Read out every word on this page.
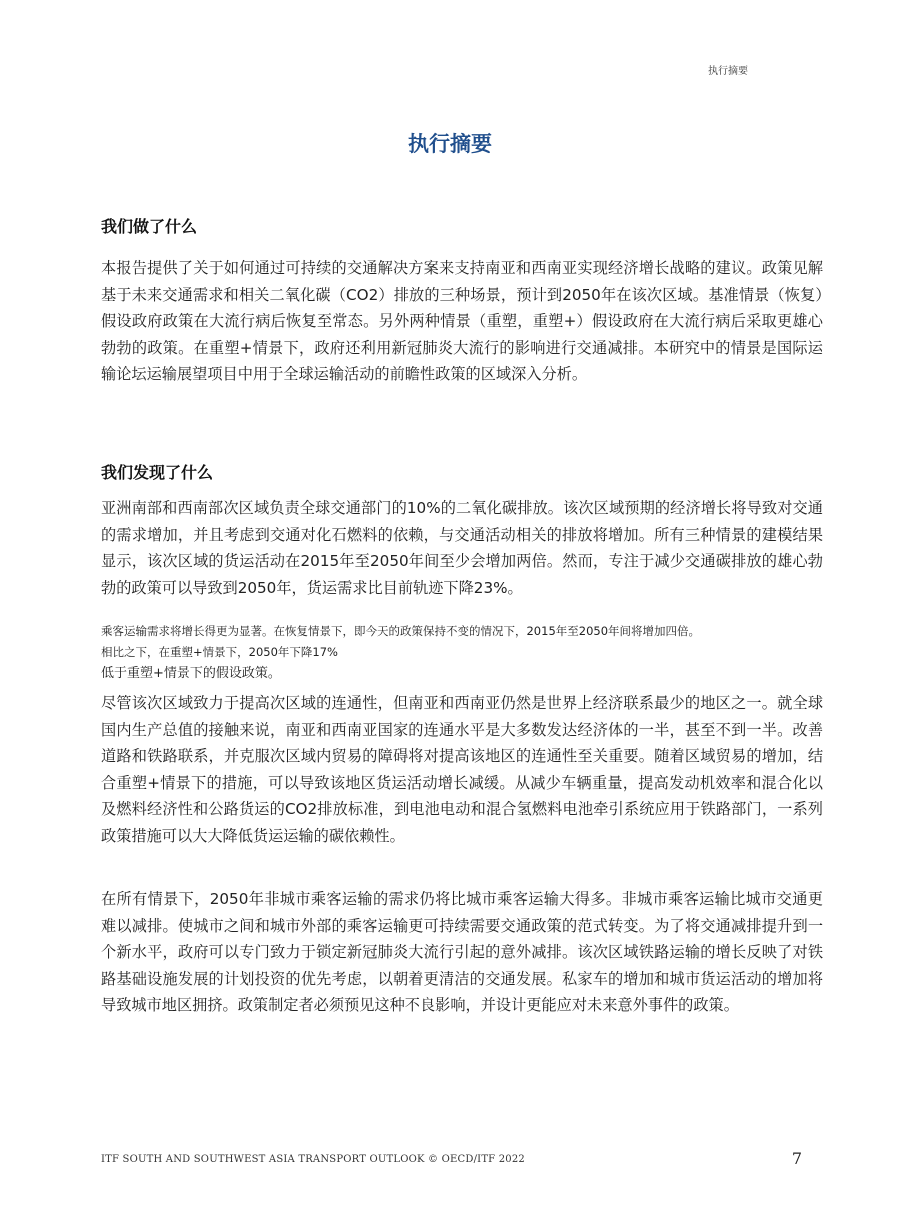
执行摘要
执行摘要
我们做了什么

本报告提供了关于如何通过可持续的交通解决方案来支持南亚和西南亚实现经济增长战略的建议。政策见解基于未来交通需求和相关二氧化碳（CO2）排放的三种场景，预计到2050年在该次区域。基准情景（恢复）假设政府政策在大流行病后恢复至常态。另外两种情景（重塑，重塑+）假设政府在大流行病后采取更雄心勃勃的政策。在重塑+情景下，政府还利用新冠肺炎大流行的影响进行交通减排。本研究中的情景是国际运输论坛运输展望项目中用于全球运输活动的前瞻性政策的区域深入分析。

我们发现了什么

亚洲南部和西南部次区域负责全球交通部门的10%的二氧化碳排放。该次区域预期的经济增长将导致对交通的需求增加，并且考虑到交通对化石燃料的依赖，与交通活动相关的排放将增加。所有三种情景的建模结果显示，该次区域的货运活动在2015年至2050年间至少会增加两倍。然而，专注于减少交通碳排放的雄心勃勃的政策可以导致到2050年，货运需求比目前轨迹下降23%。

乘客运输需求将增长得更为显著。在恢复情景下，即今天的政策保持不变的情况下，2015年至2050年间将增加四倍。
相比之下，在重塑+情景下，2050年下降17%
低于重塑+情景下的假设政策。

尽管该次区域致力于提高次区域的连通性，但南亚和西南亚仍然是世界上经济联系最少的地区之一。就全球国内生产总值的接触来说，南亚和西南亚国家的连通水平是大多数发达经济体的一半，甚至不到一半。改善道路和铁路联系，并克服次区域内贸易的障碍将对提高该地区的连通性至关重要。随着区域贸易的增加，结合重塑+情景下的措施，可以导致该地区货运活动增长减缓。从减少车辆重量，提高发动机效率和混合化以及燃料经济性和公路货运的CO2排放标准，到电池电动和混合氢燃料电池牵引系统应用于铁路部门，一系列政策措施可以大大降低货运运输的碳依赖性。

在所有情景下，2050年非城市乘客运输的需求仍将比城市乘客运输大得多。非城市乘客运输比城市交通更难以减排。使城市之间和城市外部的乘客运输更可持续需要交通政策的范式转变。为了将交通减排提升到一个新水平，政府可以专门致力于锁定新冠肺炎大流行引起的意外减排。该次区域铁路运输的增长反映了对铁路基础设施发展的计划投资的优先考虑，以朝着更清洁的交通发展。私家车的增加和城市货运活动的增加将导致城市地区拥挤。政策制定者必须预见这种不良影响，并设计更能应对未来意外事件的政策。

ITF SOUTH AND SOUTHWEST ASIA TRANSPORT OUTLOOK © OECD/ITF 2022	7
